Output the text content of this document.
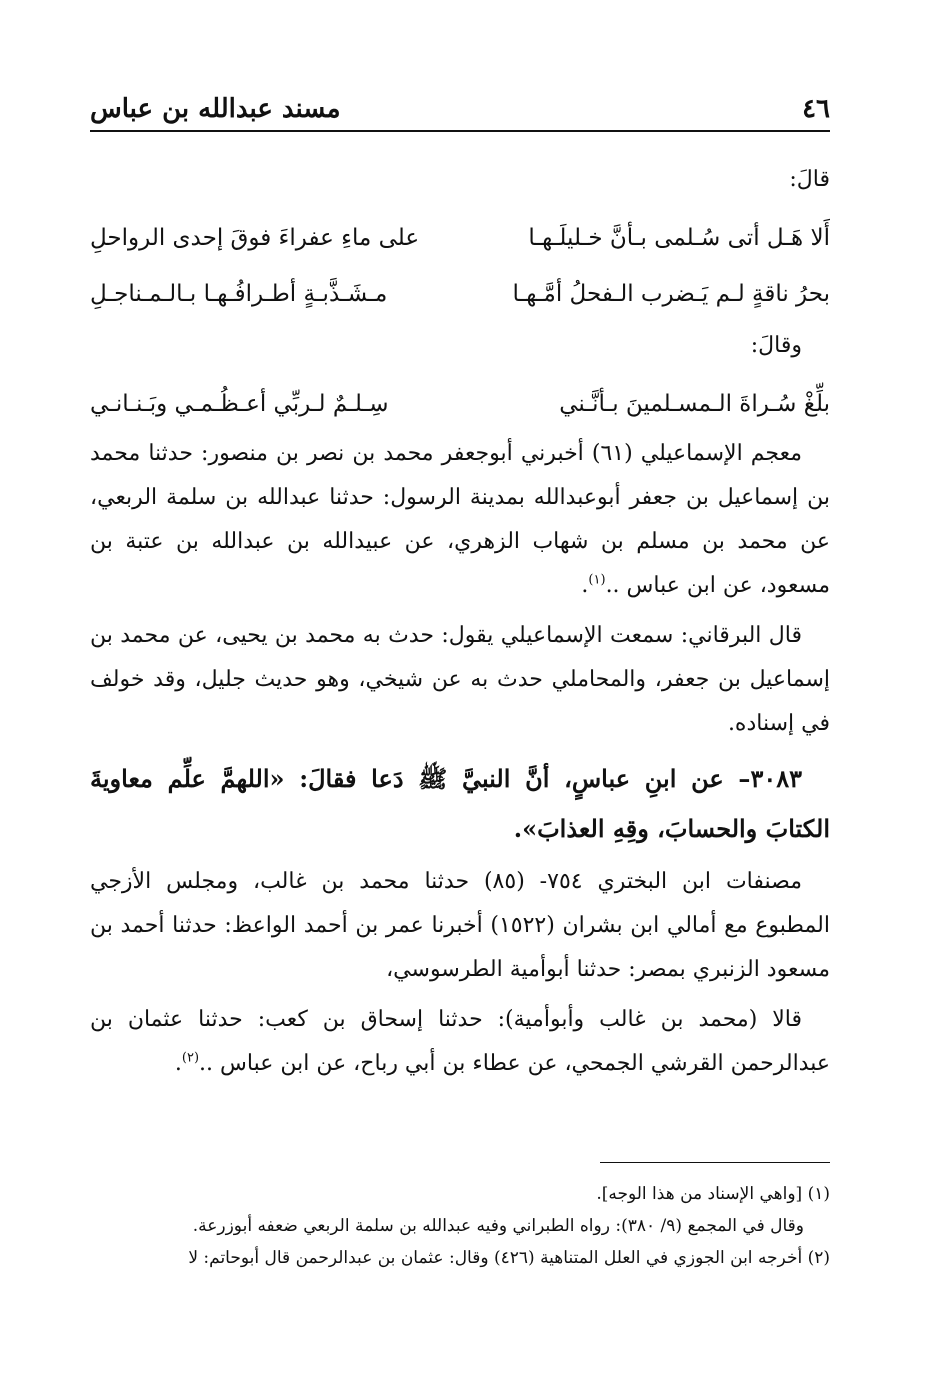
٤٦
مسند عبدالله بن عباس

قالَ:

أَلا هَـل أتى سُـلمى بـأنَّ خـليلَـهـا
على ماءِ عفراءَ فوقَ إحدى الرواحلِ
بحرُ ناقةٍ لـم يَـضرب الـفحلُ أمَّـهـا
مـشَـذَّبـةٍ أطـرافُـهـا بـالـمـناجـلِ

وقالَ:

بلِّغْ سُـراةَ الـمسـلمينَ بـأنَّـني
سِـلـمٌ لـربِّي أعـظُـمـي وبَـنـانـي

معجم الإسماعيلي (٦١) أخبرني أبوجعفر محمد بن نصر بن منصور: حدثنا محمد بن إسماعيل بن جعفر أبوعبدالله بمدينة الرسول: حدثنا عبدالله بن سلمة الربعي، عن محمد بن مسلم بن شهاب الزهري، عن عبيدالله بن عبدالله بن عتبة بن مسعود، عن ابن عباس ..$^{(١)}$.

قال البرقاني: سمعت الإسماعيلي يقول: حدث به محمد بن يحيى، عن محمد بن إسماعيل بن جعفر، والمحاملي حدث به عن شيخي، وهو حديث جليل، وقد خولف في إسناده.

٣٠٨٣– عن ابنِ عباسٍ، أنَّ النبيَّ ﷺ دَعا فقالَ: «اللهمَّ علِّم معاويةَ الكتابَ والحسابَ، وقِهِ العذابَ».

مصنفات ابن البختري ٧٥٤- (٨٥) حدثنا محمد بن غالب، ومجلس الأزجي المطبوع مع أمالي ابن بشران (١٥٢٢) أخبرنا عمر بن أحمد الواعظ: حدثنا أحمد بن مسعود الزنبري بمصر: حدثنا أبوأمية الطرسوسي،

قالا (محمد بن غالب وأبوأمية): حدثنا إسحاق بن كعب: حدثنا عثمان بن عبدالرحمن القرشي الجمحي، عن عطاء بن أبي رباح، عن ابن عباس ..$^{(٢)}$.

(١) [واهي الإسناد من هذا الوجه].

وقال في المجمع (٩/ ٣٨٠): رواه الطبراني وفيه عبدالله بن سلمة الربعي ضعفه أبوزرعة.

(٢) أخرجه ابن الجوزي في العلل المتناهية (٤٢٦) وقال: عثمان بن عبدالرحمن قال أبوحاتم: لا
